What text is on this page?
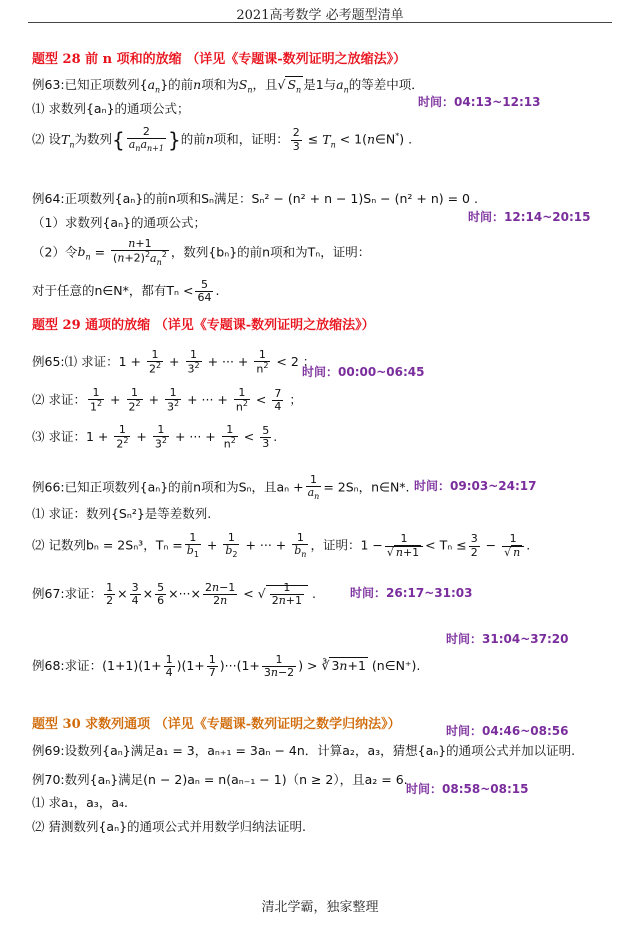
2021高考数学 必考题型清单
题型 28 前 n 项和的放缩 （详见《专题课-数列证明之放缩法》）
例63:已知正项数列$\{a_n\}$的前n项和为$S_n$，且√ $S_n$ 是1与$a_n$的等差中项．
时间：04:13~12:13
⑴ 求数列{aₙ}的通项公式；
⑵ 设$T_n$为数列{	2
$a_na_{n+1}$ }的前n项和，证明： $\frac{2}{3} \le T_n$ < 1(n∈N*) .
例64:正项数列{aₙ}的前n项和Sₙ满足：Sₙ² − (n² + n − 1)Sₙ − (n² + n) = 0 .
时间：12:14~20:15
（1）求数列{aₙ}的通项公式；
（2）令$b_n = \frac{n+1}{(n+2)^2a_n^2}$ ，数列{bₙ}的前n项和为Tₙ，证明：
对于任意的n∈N*，都有$T_n < \frac{5}{64}$ .
题型 29 通项的放缩 （详见《专题课-数列证明之放缩法》）
例65:⑴ 求证：$1 + \frac{1}{2^2} + \frac{1}{3^2}$ + ··· + $\frac{1}{n^2} < 2$ ；
时间：00:00~06:45
⑵ 求证： $\frac{1}{1^2} + \frac{1}{2^2} + \frac{1}{3^2}$ + ··· + $\frac{1}{n^2} < \frac{7}{4}$ ；
⑶ 求证：$1 + \frac{1}{2^2} + \frac{1}{3^2}$ + ··· + $\frac{1}{n^2} < \frac{5}{3}$ .
例66:已知正项数列{aₙ}的前n项和为Sₙ，且$a_n + \frac{1}{a_n} = 2S_n$，n∈N*. 时间：09:03~24:17
⑴ 求证：数列{Sₙ²}是等差数列.
⑵ 记数列bₙ = 2Sₙ³，$T_n = \frac{1}{b_1} + \frac{1}{b_2}$ + ··· + $\frac{1}{b_n}$ ，证明：$1 - \frac{1}{√ n+1} < T_n \le \frac{3}{2} - \frac{1}{√ n}$ .
例67:求证： $\frac{1}{2} \times \frac{3}{4} \times \frac{5}{6}$ ×···× $\frac{2n-1}{2n}$ < √ $\frac{1}{2n+1}$ .	时间：26:17~31:03
时间：31:04~37:20
例68:求证：$(1+1)(1+ \frac{1}{4} )(1+ \frac{1}{7} )\cdot\cdot\cdot(1+ \frac{1}{3n-2}$ ) > ∛ 3n+1 (n∈N⁺).
题型 30 求数列通项 （详见《专题课-数列证明之数学归纳法》）	时间：04:46~08:56
例69:设数列{aₙ}满足a₁ = 3，aₙ₊₁ = 3aₙ − 4n．计算a₂，a₃，猜想{aₙ}的通项公式并加以证明.
例70:数列{aₙ}满足(n − 2)aₙ = n(aₙ₋₁ − 1)（n ≥ 2），且a₂ = 6.
时间：08:58~08:15
⑴ 求a₁，a₃，a₄.
⑵ 猜测数列{aₙ}的通项公式并用数学归纳法证明.
清北学霸，独家整理
